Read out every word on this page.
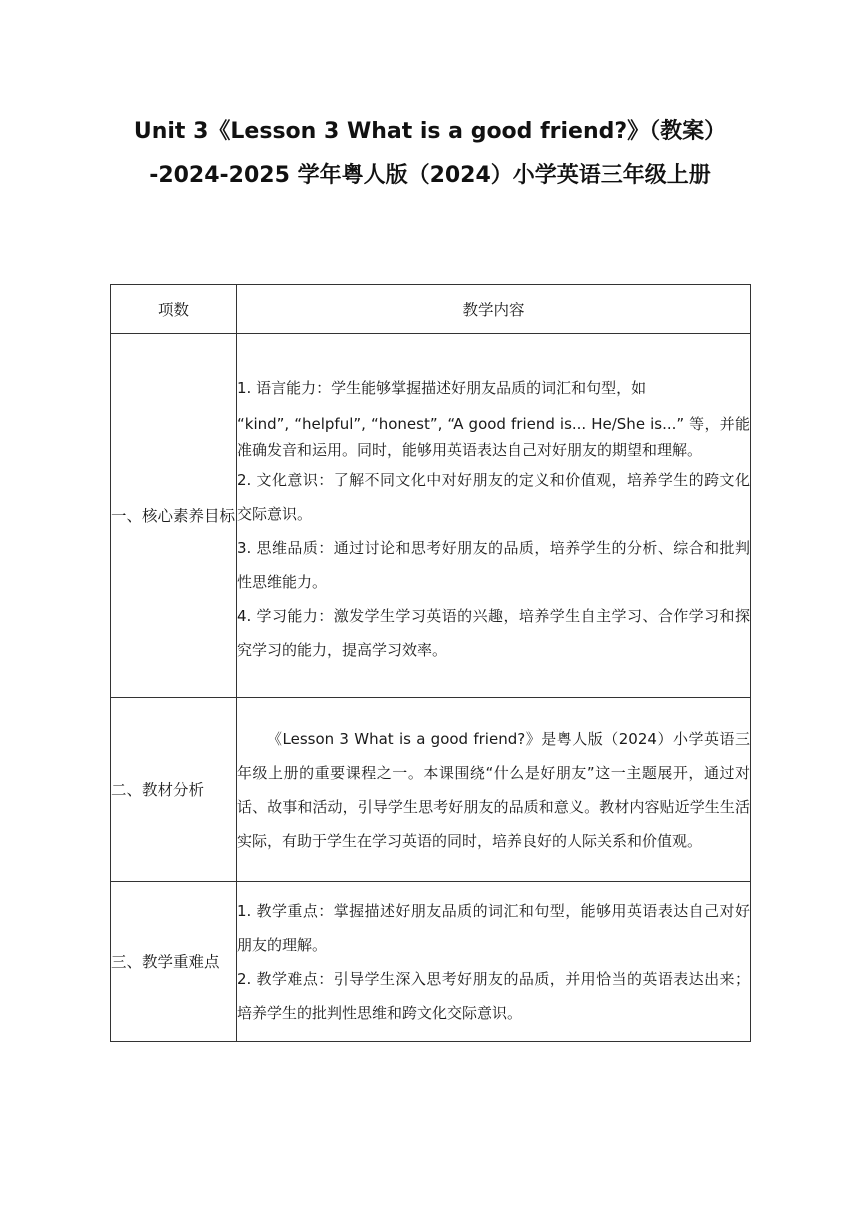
Unit 3《Lesson 3 What is a good friend?》（教案）
-2024-2025 学年粤人版（2024）小学英语三年级上册
项数	教学内容
一、核心素养目标	1. 语言能力：学生能够掌握描述好朋友品质的词汇和句型，如

“kind”, “helpful”, “honest”, “A good friend is... He/She is...” 等，并能准确发音和运用。同时，能够用英语表达自己对好朋友的期望和理解。

2. 文化意识：了解不同文化中对好朋友的定义和价值观，培养学生的跨文化交际意识。

3. 思维品质：通过讨论和思考好朋友的品质，培养学生的分析、综合和批判性思维能力。

4. 学习能力：激发学生学习英语的兴趣，培养学生自主学习、合作学习和探究学习的能力，提高学习效率。

二、教材分析	《Lesson 3 What is a good friend?》是粤人版（2024）小学英语三年级上册的重要课程之一。本课围绕“什么是好朋友”这一主题展开，通过对话、故事和活动，引导学生思考好朋友的品质和意义。教材内容贴近学生生活实际，有助于学生在学习英语的同时，培养良好的人际关系和价值观。

三、教学重难点	1. 教学重点：掌握描述好朋友品质的词汇和句型，能够用英语表达自己对好朋友的理解。

2. 教学难点：引导学生深入思考好朋友的品质，并用恰当的英语表达出来；培养学生的批判性思维和跨文化交际意识。
